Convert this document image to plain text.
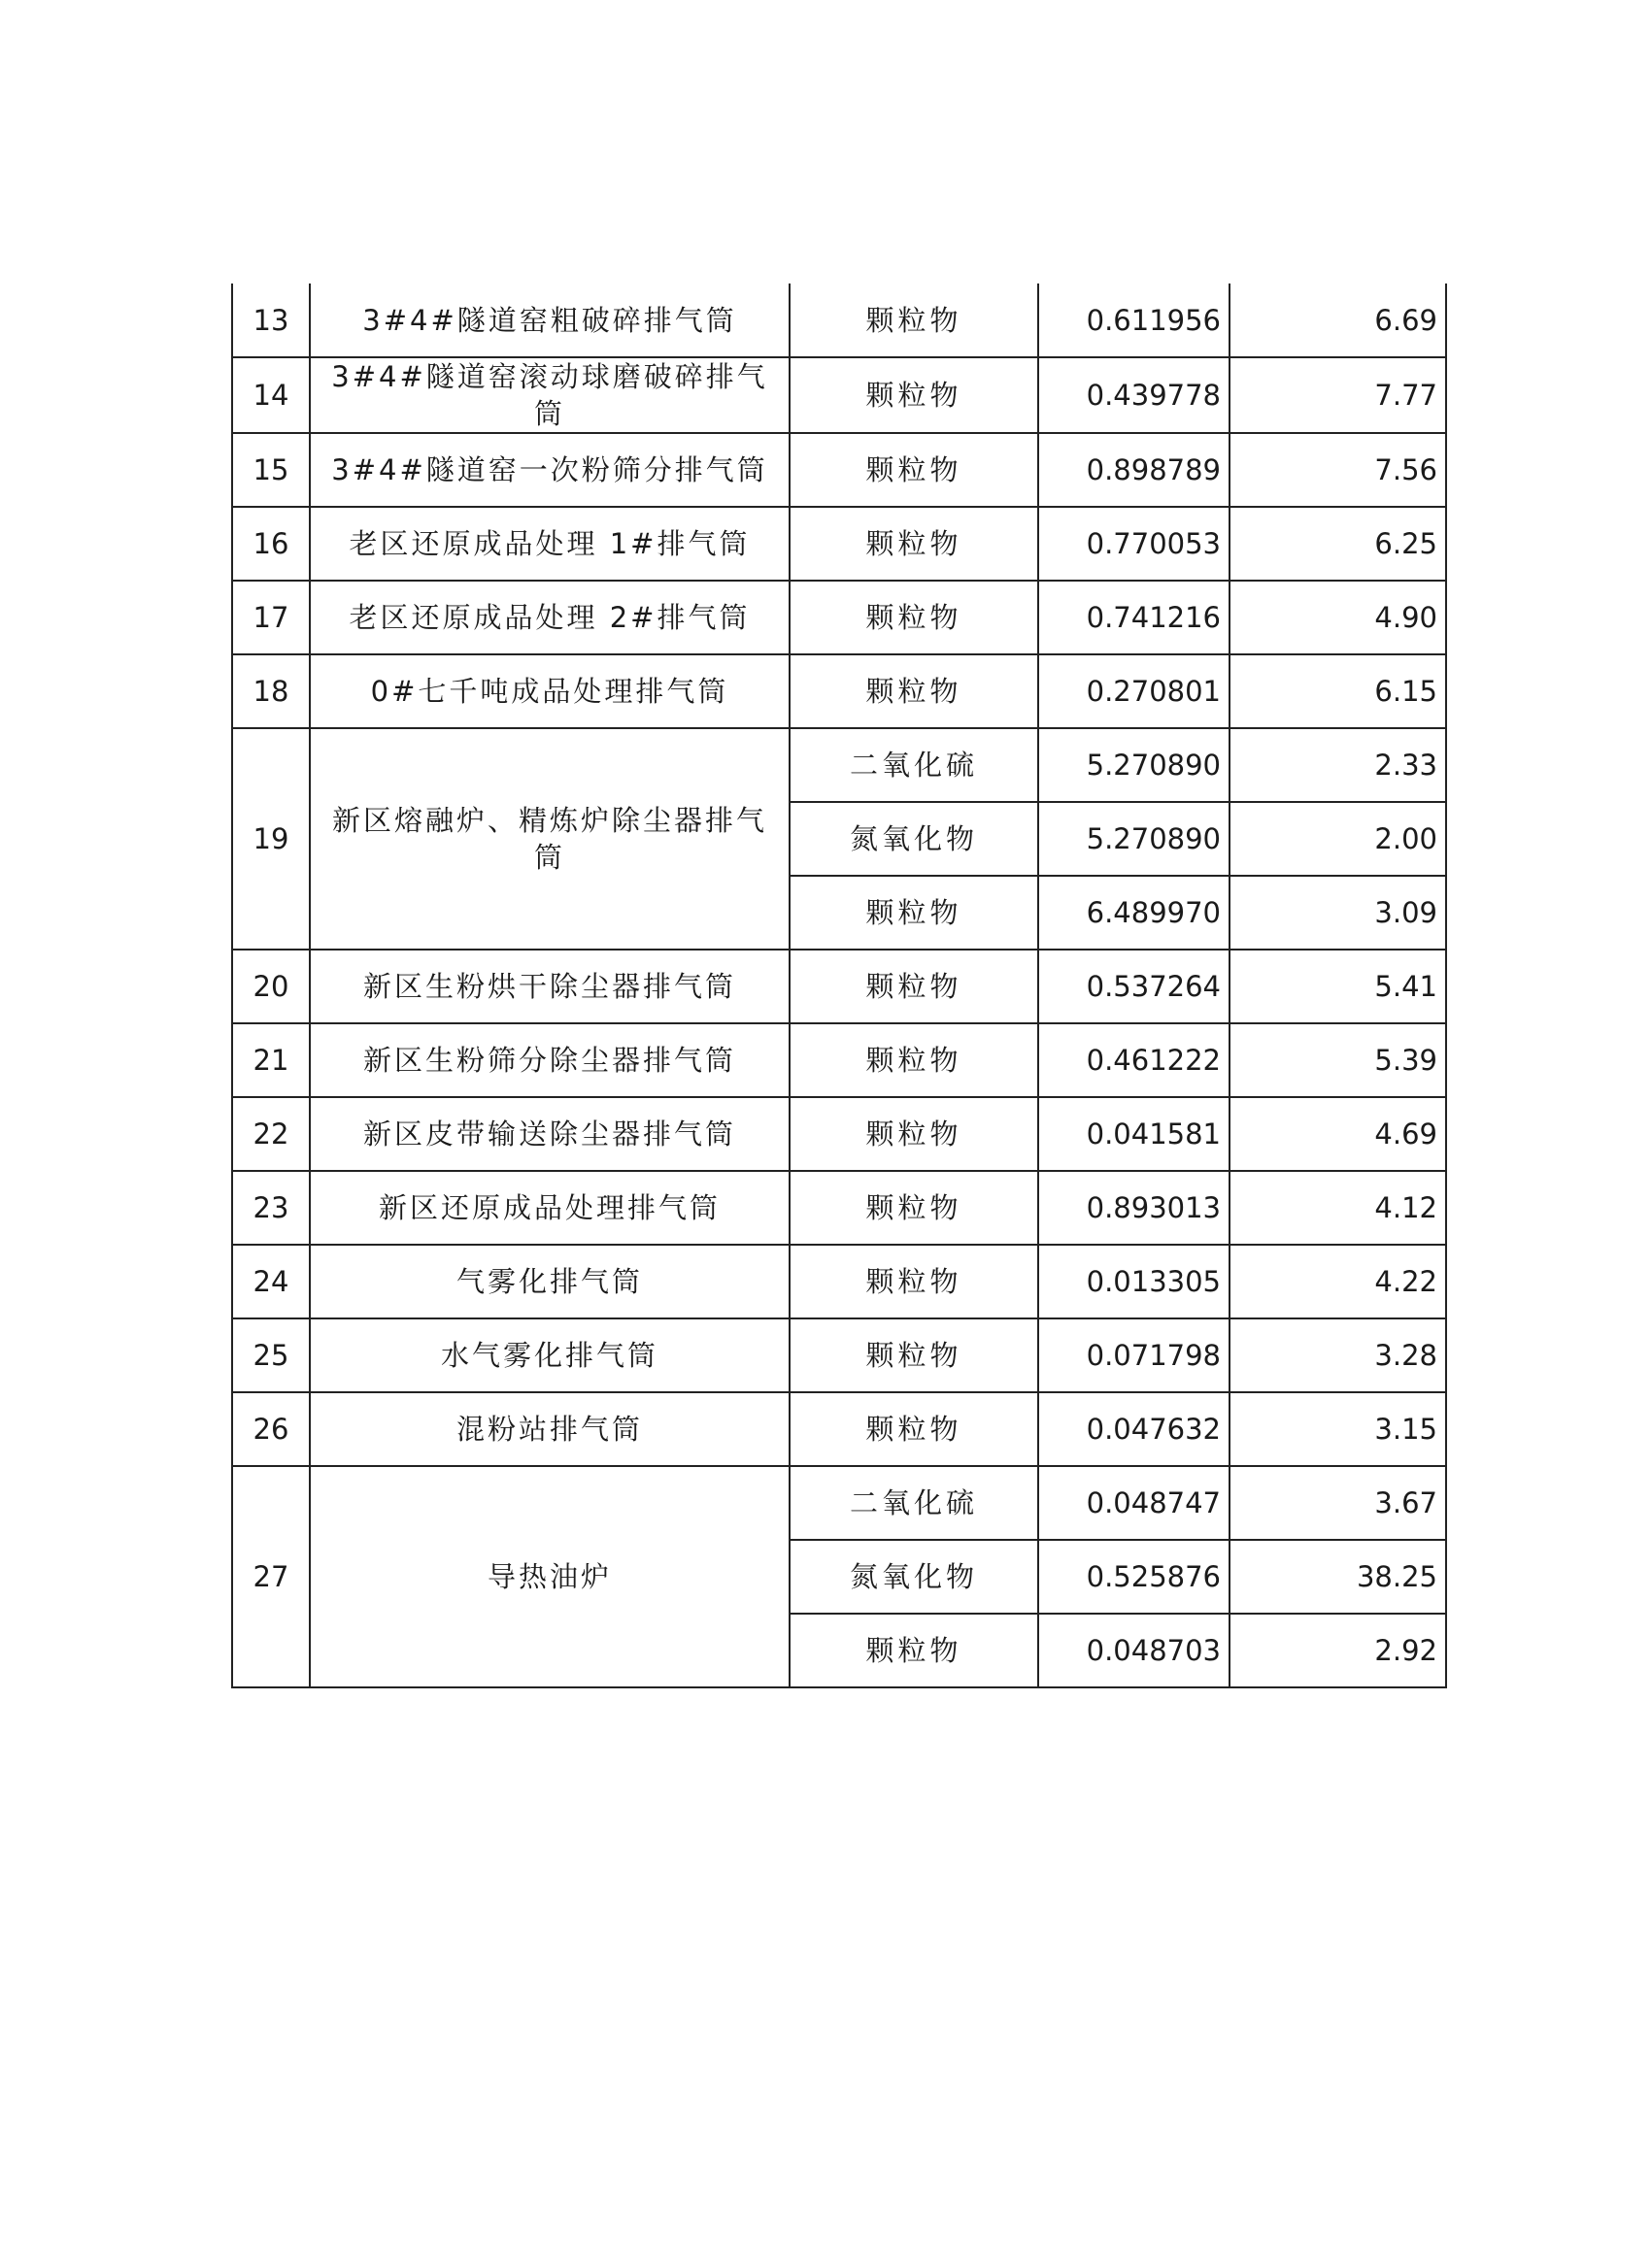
13	3#4#隧道窑粗破碎排气筒	颗粒物	0.611956	6.69
14	3#4#隧道窑滚动球磨破碎排气筒	颗粒物	0.439778	7.77
15	3#4#隧道窑一次粉筛分排气筒	颗粒物	0.898789	7.56
16	老区还原成品处理 1#排气筒	颗粒物	0.770053	6.25
17	老区还原成品处理 2#排气筒	颗粒物	0.741216	4.90
18	0#七千吨成品处理排气筒	颗粒物	0.270801	6.15
19	新区熔融炉、精炼炉除尘器排气筒	二氧化硫	5.270890	2.33
		氮氧化物	5.270890	2.00
		颗粒物	6.489970	3.09
20	新区生粉烘干除尘器排气筒	颗粒物	0.537264	5.41
21	新区生粉筛分除尘器排气筒	颗粒物	0.461222	5.39
22	新区皮带输送除尘器排气筒	颗粒物	0.041581	4.69
23	新区还原成品处理排气筒	颗粒物	0.893013	4.12
24	气雾化排气筒	颗粒物	0.013305	4.22
25	水气雾化排气筒	颗粒物	0.071798	3.28
26	混粉站排气筒	颗粒物	0.047632	3.15
27	导热油炉	二氧化硫	0.048747	3.67
		氮氧化物	0.525876	38.25
		颗粒物	0.048703	2.92
